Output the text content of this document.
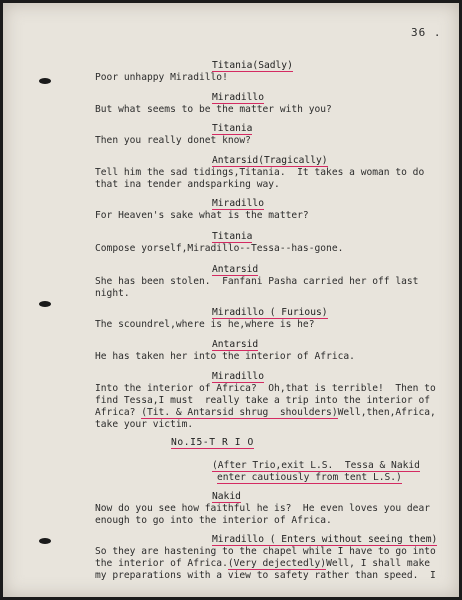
36 .
Titania(Sadly)

Poor unhappy Miradillo!

Miradillo

But what seems to be the matter with you?

Titania

Then you really donet know?

Antarsid(Tragically)

Tell him the sad tidings,Titania.  It takes a woman to do

that ina tender andsparking way.

Miradillo

For Heaven's sake what is the matter?

Titania

Compose yorself,Miradillo--Tessa--has-gone.

Antarsid

She has been stolen.  Fanfani Pasha carried her off last

night.

Miradillo ( Furious)

The scoundrel,where is he,where is he?

Antarsid

He has taken her into the interior of Africa.

Miradillo

Into the interior of Africa?  Oh,that is terrible!  Then to

find Tessa,I must  really take a trip into the interior of

Africa? (Tit. & Antarsid shrug  shoulders)Well,then,Africa,

take your victim.

No.I5-T R I O

(After Trio,exit L.S.  Tessa & Nakid

enter cautiously from tent L.S.)

Nakid

Now do you see how faithful he is?  He even loves you dear

enough to go into the interior of Africa.

Miradillo ( Enters without seeing them)

So they are hastening to the chapel while I have to go into

the interior of Africa.(Very dejectedly)Well, I shall make

my preparations with a view to safety rather than speed.  I
